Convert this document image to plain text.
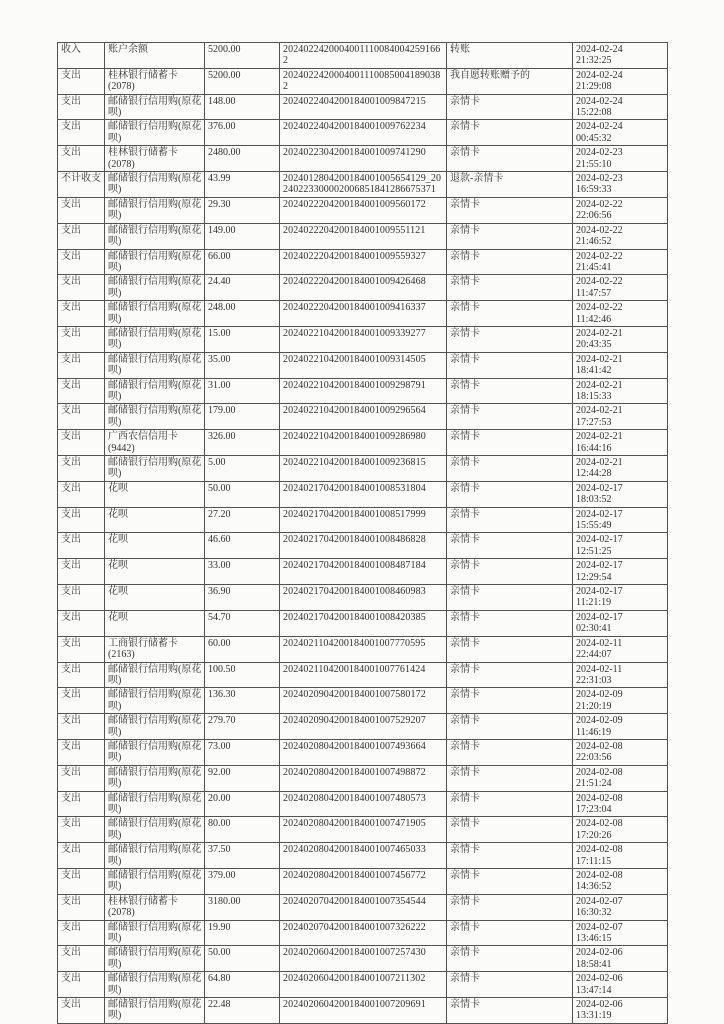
收入	账户余额	5200.00	20240224200040011100840042591662	转账	2024-02-24
21:32:25

支出	桂林银行储蓄卡(2078)	5200.00	20240224200040011100850041890382	我自愿转账赠予的	2024-02-24
21:29:08

支出	邮储银行信用购(原花呗)	148.00	2024022404200184001009847215	亲情卡	2024-02-24
15:22:08

支出	邮储银行信用购(原花呗)	376.00	2024022404200184001009762234	亲情卡	2024-02-24
00:45:32

支出	桂林银行储蓄卡(2078)	2480.00	2024022304200184001009741290	亲情卡	2024-02-23
21:55:10

不计收支	邮储银行信用购(原花呗)	43.99	2024012804200184001005654129_20240223300002006851841286675371	退款-亲情卡	2024-02-23
16:59:33

支出	邮储银行信用购(原花呗)	29.30	2024022204200184001009560172	亲情卡	2024-02-22
22:06:56

支出	邮储银行信用购(原花呗)	149.00	2024022204200184001009551121	亲情卡	2024-02-22
21:46:52

支出	邮储银行信用购(原花呗)	66.00	2024022204200184001009559327	亲情卡	2024-02-22
21:45:41

支出	邮储银行信用购(原花呗)	24.40	2024022204200184001009426468	亲情卡	2024-02-22
11:47:57

支出	邮储银行信用购(原花呗)	248.00	2024022204200184001009416337	亲情卡	2024-02-22
11:42:46

支出	邮储银行信用购(原花呗)	15.00	2024022104200184001009339277	亲情卡	2024-02-21
20:43:35

支出	邮储银行信用购(原花呗)	35.00	2024022104200184001009314505	亲情卡	2024-02-21
18:41:42

支出	邮储银行信用购(原花呗)	31.00	2024022104200184001009298791	亲情卡	2024-02-21
18:15:33

支出	邮储银行信用购(原花呗)	179.00	2024022104200184001009296564	亲情卡	2024-02-21
17:27:53

支出	广西农信信用卡(9442)	326.00	2024022104200184001009286980	亲情卡	2024-02-21
16:44:16

支出	邮储银行信用购(原花呗)	5.00	2024022104200184001009236815	亲情卡	2024-02-21
12:44:28

支出	花呗	50.00	2024021704200184001008531804	亲情卡	2024-02-17
18:03:52

支出	花呗	27.20	2024021704200184001008517999	亲情卡	2024-02-17
15:55:49

支出	花呗	46.60	2024021704200184001008486828	亲情卡	2024-02-17
12:51:25

支出	花呗	33.00	2024021704200184001008487184	亲情卡	2024-02-17
12:29:54

支出	花呗	36.90	2024021704200184001008460983	亲情卡	2024-02-17
11:21:19

支出	花呗	54.70	2024021704200184001008420385	亲情卡	2024-02-17
02:30:41

支出	工商银行储蓄卡(2163)	60.00	2024021104200184001007770595	亲情卡	2024-02-11
22:44:07

支出	邮储银行信用购(原花呗)	100.50	2024021104200184001007761424	亲情卡	2024-02-11
22:31:03

支出	邮储银行信用购(原花呗)	136.30	2024020904200184001007580172	亲情卡	2024-02-09
21:20:19

支出	邮储银行信用购(原花呗)	279.70	2024020904200184001007529207	亲情卡	2024-02-09
11:46:19

支出	邮储银行信用购(原花呗)	73.00	2024020804200184001007493664	亲情卡	2024-02-08
22:03:56

支出	邮储银行信用购(原花呗)	92.00	2024020804200184001007498872	亲情卡	2024-02-08
21:51:24

支出	邮储银行信用购(原花呗)	20.00	2024020804200184001007480573	亲情卡	2024-02-08
17:23:04

支出	邮储银行信用购(原花呗)	80.00	2024020804200184001007471905	亲情卡	2024-02-08
17:20:26

支出	邮储银行信用购(原花呗)	37.50	2024020804200184001007465033	亲情卡	2024-02-08
17:11:15

支出	邮储银行信用购(原花呗)	379.00	2024020804200184001007456772	亲情卡	2024-02-08
14:36:52

支出	桂林银行储蓄卡(2078)	3180.00	2024020704200184001007354544	亲情卡	2024-02-07
16:30:32

支出	邮储银行信用购(原花呗)	19.90	2024020704200184001007326222	亲情卡	2024-02-07
13:46:15

支出	邮储银行信用购(原花呗)	50.00	2024020604200184001007257430	亲情卡	2024-02-06
18:58:41

支出	邮储银行信用购(原花呗)	64.80	2024020604200184001007211302	亲情卡	2024-02-06
13:47:14

支出	邮储银行信用购(原花呗)	22.48	2024020604200184001007209691	亲情卡	2024-02-06
13:31:19
